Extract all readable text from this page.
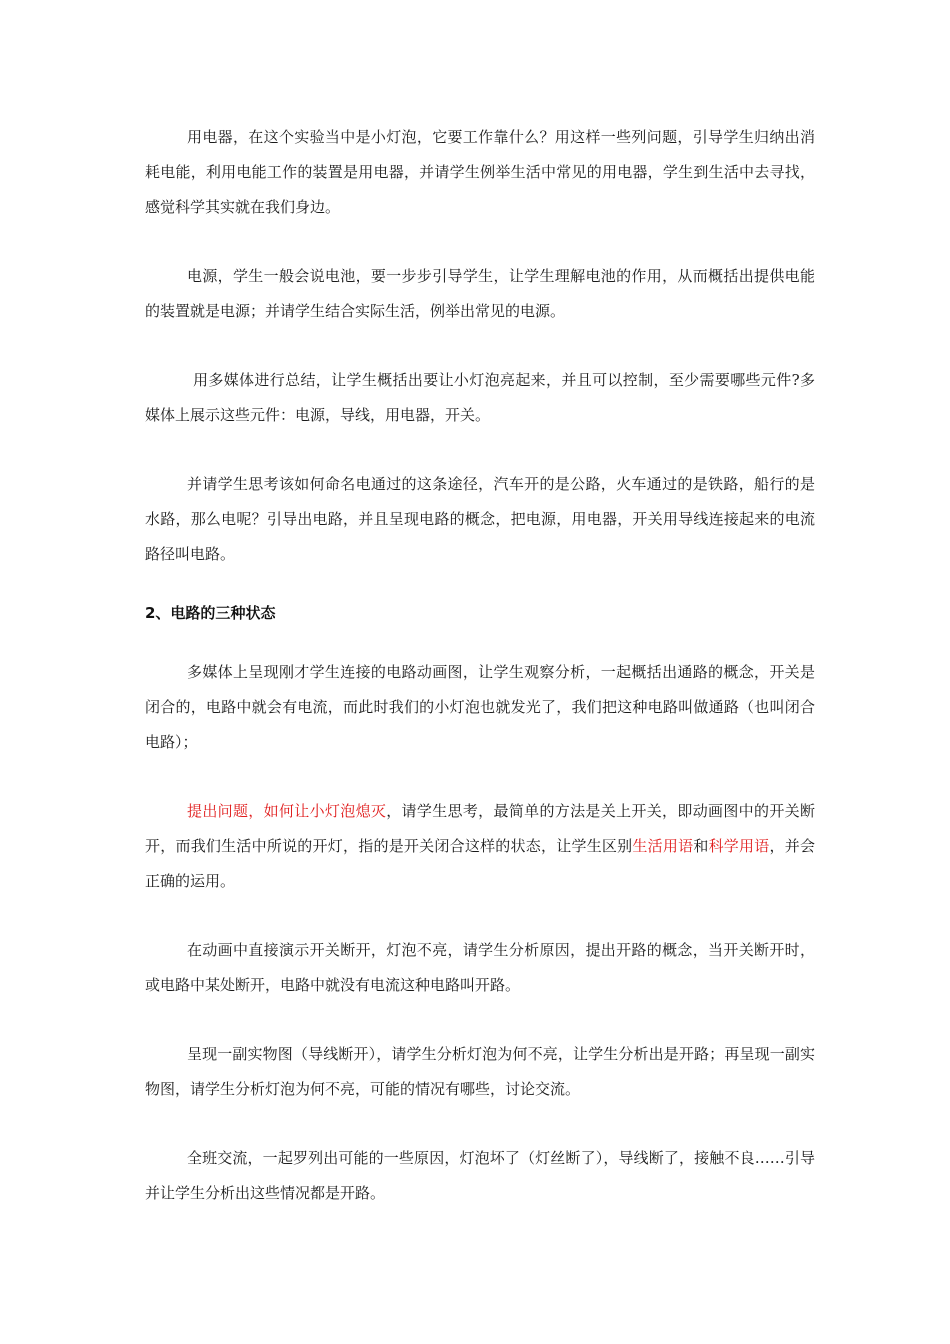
用电器，在这个实验当中是小灯泡，它要工作靠什么？用这样一些列问题，引导学生归纳出消耗电能，利用电能工作的装置是用电器，并请学生例举生活中常见的用电器，学生到生活中去寻找，感觉科学其实就在我们身边。

电源，学生一般会说电池，要一步步引导学生，让学生理解电池的作用，从而概括出提供电能的装置就是电源；并请学生结合实际生活，例举出常见的电源。

用多媒体进行总结，让学生概括出要让小灯泡亮起来，并且可以控制，至少需要哪些元件?多媒体上展示这些元件：电源，导线，用电器，开关。

并请学生思考该如何命名电通过的这条途径，汽车开的是公路，火车通过的是铁路，船行的是水路，那么电呢？引导出电路，并且呈现电路的概念，把电源，用电器，开关用导线连接起来的电流路径叫电路。

2、电路的三种状态

多媒体上呈现刚才学生连接的电路动画图，让学生观察分析，一起概括出通路的概念，开关是闭合的，电路中就会有电流，而此时我们的小灯泡也就发光了，我们把这种电路叫做通路（也叫闭合电路）；

提出问题，如何让小灯泡熄灭，请学生思考，最简单的方法是关上开关，即动画图中的开关断开，而我们生活中所说的开灯，指的是开关闭合这样的状态，让学生区别生活用语和科学用语，并会正确的运用。

在动画中直接演示开关断开，灯泡不亮，请学生分析原因，提出开路的概念，当开关断开时，或电路中某处断开，电路中就没有电流这种电路叫开路。

呈现一副实物图（导线断开），请学生分析灯泡为何不亮，让学生分析出是开路；再呈现一副实物图，请学生分析灯泡为何不亮，可能的情况有哪些，讨论交流。

全班交流，一起罗列出可能的一些原因，灯泡坏了（灯丝断了），导线断了，接触不良……引导并让学生分析出这些情况都是开路。
